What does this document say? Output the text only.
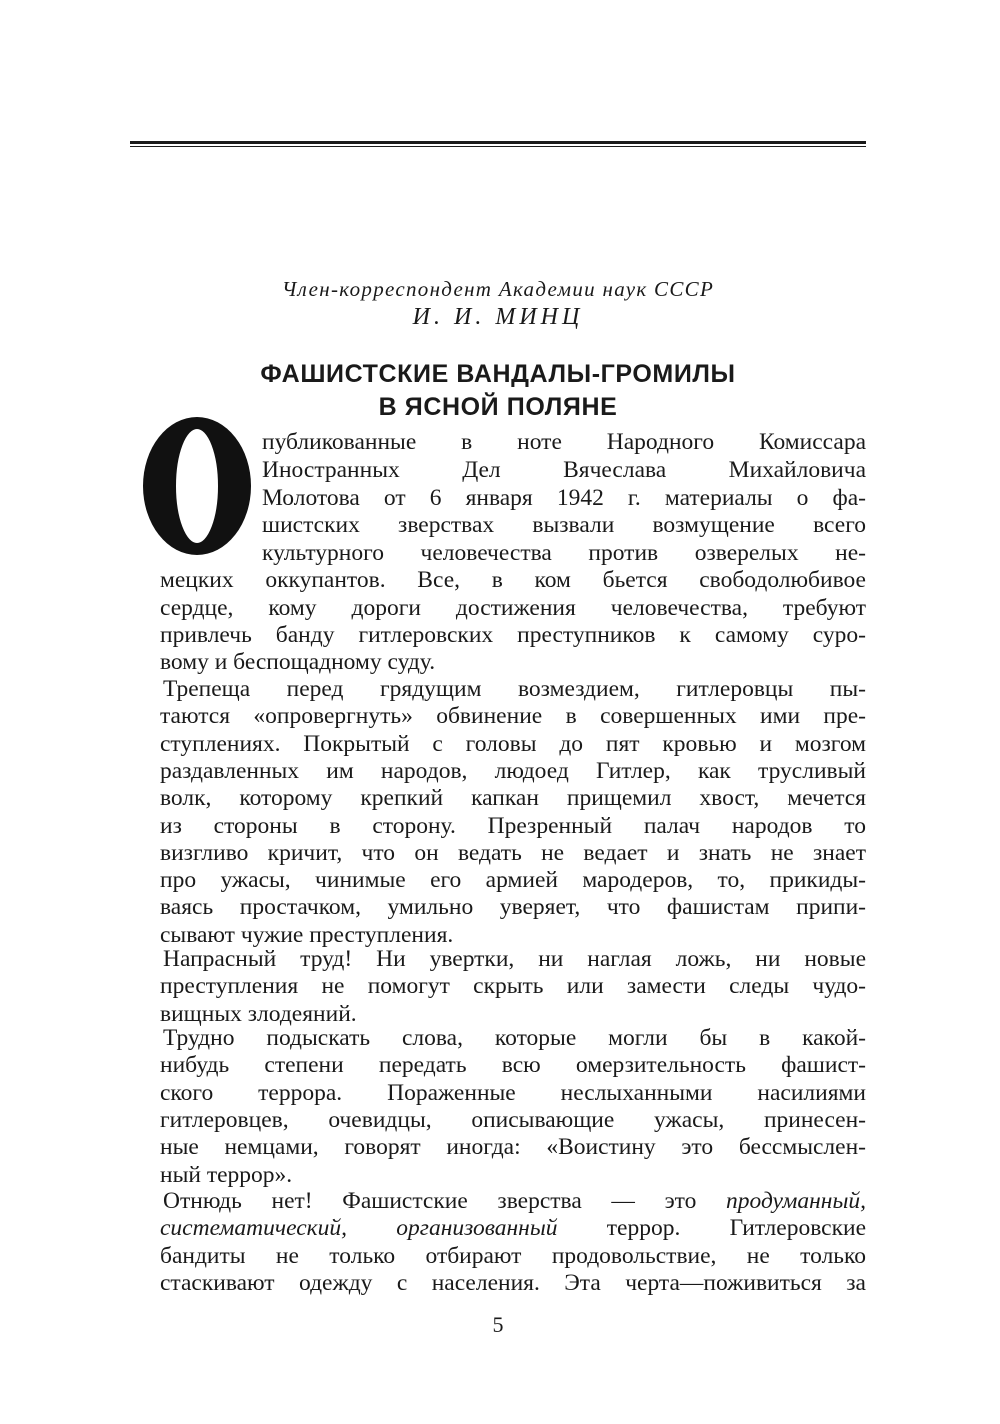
Член-корреспондент Академии наук СССР
И. И. МИНЦ
ФАШИСТСКИЕ ВАНДАЛЫ-ГРОМИЛЫ
В ЯСНОЙ ПОЛЯНЕ
публикованные в ноте Народного Комиссара
Иностранных Дел Вячеслава Михайловича
Молотова от 6 января 1942 г. материалы о фа-
шистских зверствах вызвали возмущение всего
культурного человечества против озверелых не-
мецких оккупантов. Все, в ком бьется свободолюбивое
сердце, кому дороги достижения человечества, требуют
привлечь банду гитлеровских преступников к самому суро-
вому и беспощадному суду.
Трепеща перед грядущим возмездием, гитлеровцы пы-
таются «опровергнуть» обвинение в совершенных ими пре-
ступлениях. Покрытый с головы до пят кровью и мозгом
раздавленных им народов, людоед Гитлер, как трусливый
волк, которому крепкий капкан прищемил хвост, мечется
из стороны в сторону. Презренный палач народов то
визгливо кричит, что он ведать не ведает и знать не знает
про ужасы, чинимые его армией мародеров, то, прикиды-
ваясь простачком, умильно уверяет, что фашистам припи-
сывают чужие преступления.
Напрасный труд! Ни увертки, ни наглая ложь, ни новые
преступления не помогут скрыть или замести следы чудо-
вищных злодеяний.
Трудно подыскать слова, которые могли бы в какой-
нибудь степени передать всю омерзительность фашист-
ского террора. Пораженные неслыханными насилиями
гитлеровцев, очевидцы, описывающие ужасы, принесен-
ные немцами, говорят иногда: «Воистину это бессмыслен-
ный террор».
Отнюдь нет! Фашистские зверства — это продуманный,
систематический, организованный террор. Гитлеровские
бандиты не только отбирают продовольствие, не только
стаскивают одежду с населения. Эта черта—поживиться за
5
